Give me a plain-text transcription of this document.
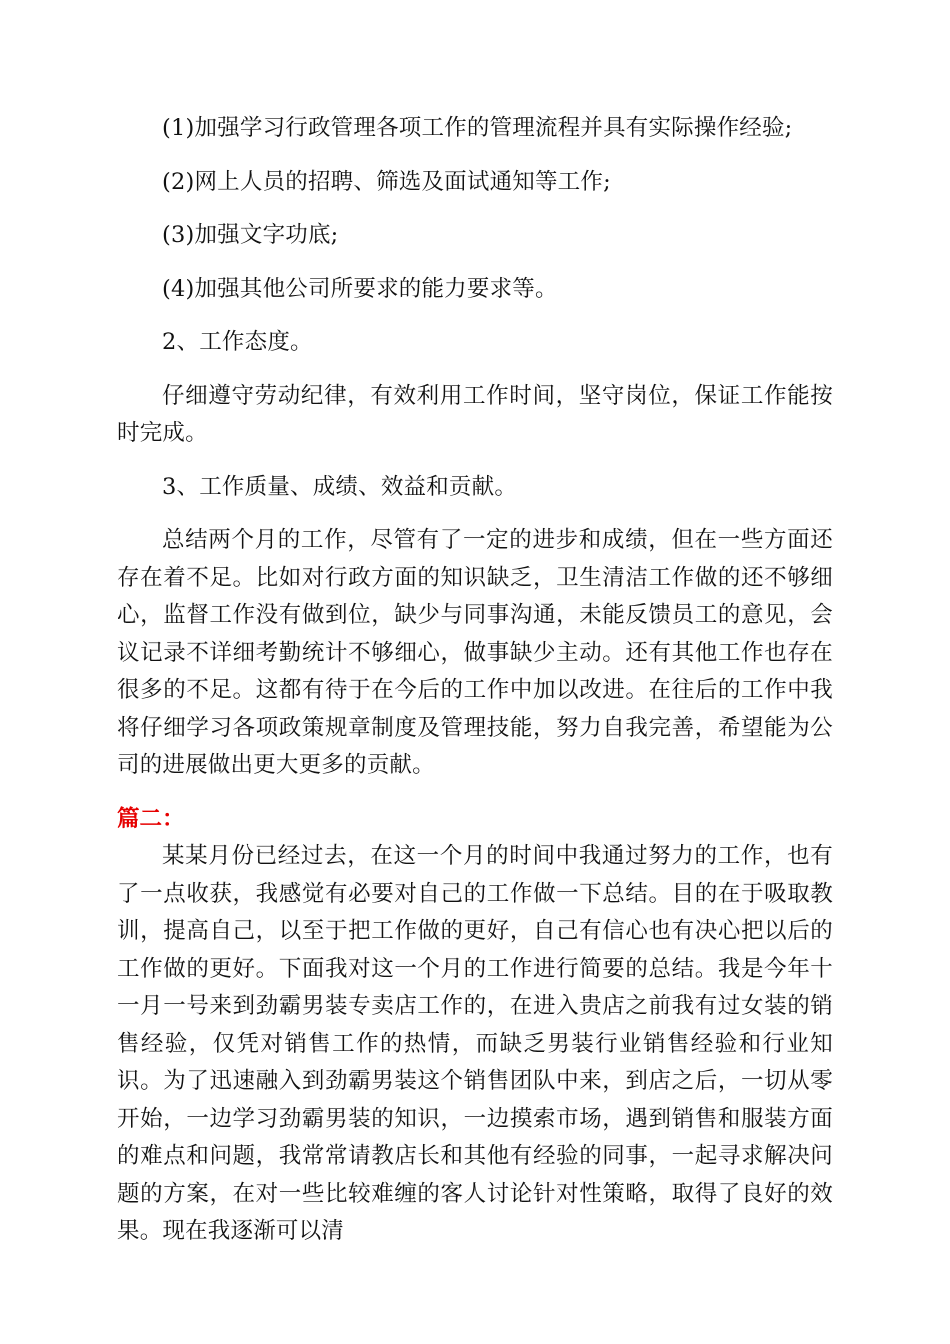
(1)加强学习行政管理各项工作的管理流程并具有实际操作经验;

(2)网上人员的招聘、筛选及面试通知等工作;

(3)加强文字功底;

(4)加强其他公司所要求的能力要求等。

2、工作态度。

仔细遵守劳动纪律，有效利用工作时间，坚守岗位，保证工作能按时完成。

3、工作质量、成绩、效益和贡献。

总结两个月的工作，尽管有了一定的进步和成绩，但在一些方面还存在着不足。比如对行政方面的知识缺乏，卫生清洁工作做的还不够细心，监督工作没有做到位，缺少与同事沟通，未能反馈员工的意见，会议记录不详细考勤统计不够细心，做事缺少主动。还有其他工作也存在很多的不足。这都有待于在今后的工作中加以改进。在往后的工作中我将仔细学习各项政策规章制度及管理技能，努力自我完善，希望能为公司的进展做出更大更多的贡献。

篇二：

某某月份已经过去，在这一个月的时间中我通过努力的工作，也有了一点收获，我感觉有必要对自己的工作做一下总结。目的在于吸取教训，提高自己，以至于把工作做的更好，自己有信心也有决心把以后的工作做的更好。下面我对这一个月的工作进行简要的总结。我是今年十一月一号来到劲霸男装专卖店工作的，在进入贵店之前我有过女装的销售经验，仅凭对销售工作的热情，而缺乏男装行业销售经验和行业知识。为了迅速融入到劲霸男装这个销售团队中来，到店之后，一切从零开始，一边学习劲霸男装的知识，一边摸索市场，遇到销售和服装方面的难点和问题，我常常请教店长和其他有经验的同事，一起寻求解决问题的方案，在对一些比较难缠的客人讨论针对性策略，取得了良好的效果。现在我逐渐可以清
